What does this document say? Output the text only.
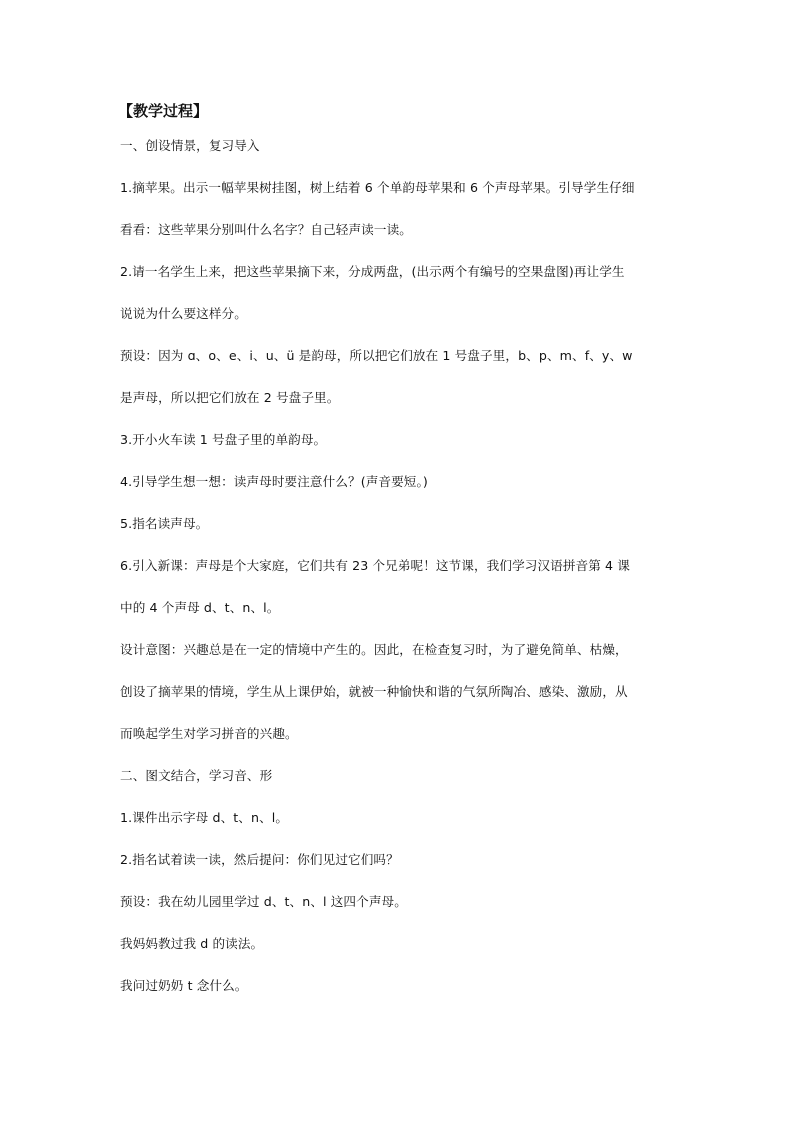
【教学过程】
一、创设情景，复习导入
1.摘苹果。出示一幅苹果树挂图，树上结着 6 个单韵母苹果和 6 个声母苹果。引导学生仔细
看看：这些苹果分别叫什么名字？自己轻声读一读。
2.请一名学生上来，把这些苹果摘下来，分成两盘，(出示两个有编号的空果盘图)再让学生
说说为什么要这样分。
预设：因为 ɑ、o、e、i、u、ü 是韵母，所以把它们放在 1 号盘子里，b、p、m、f、y、w
是声母，所以把它们放在 2 号盘子里。
3.开小火车读 1 号盘子里的单韵母。
4.引导学生想一想：读声母时要注意什么？(声音要短。)
5.指名读声母。
6.引入新课：声母是个大家庭，它们共有 23 个兄弟呢！这节课，我们学习汉语拼音第 4 课
中的 4 个声母 d、t、n、l。
设计意图：兴趣总是在一定的情境中产生的。因此，在检查复习时，为了避免简单、枯燥，
创设了摘苹果的情境，学生从上课伊始，就被一种愉快和谐的气氛所陶冶、感染、激励，从
而唤起学生对学习拼音的兴趣。
二、图文结合，学习音、形
1.课件出示字母 d、t、n、l。
2.指名试着读一读，然后提问：你们见过它们吗？
预设：我在幼儿园里学过 d、t、n、l 这四个声母。
我妈妈教过我 d 的读法。
我问过奶奶 t 念什么。
